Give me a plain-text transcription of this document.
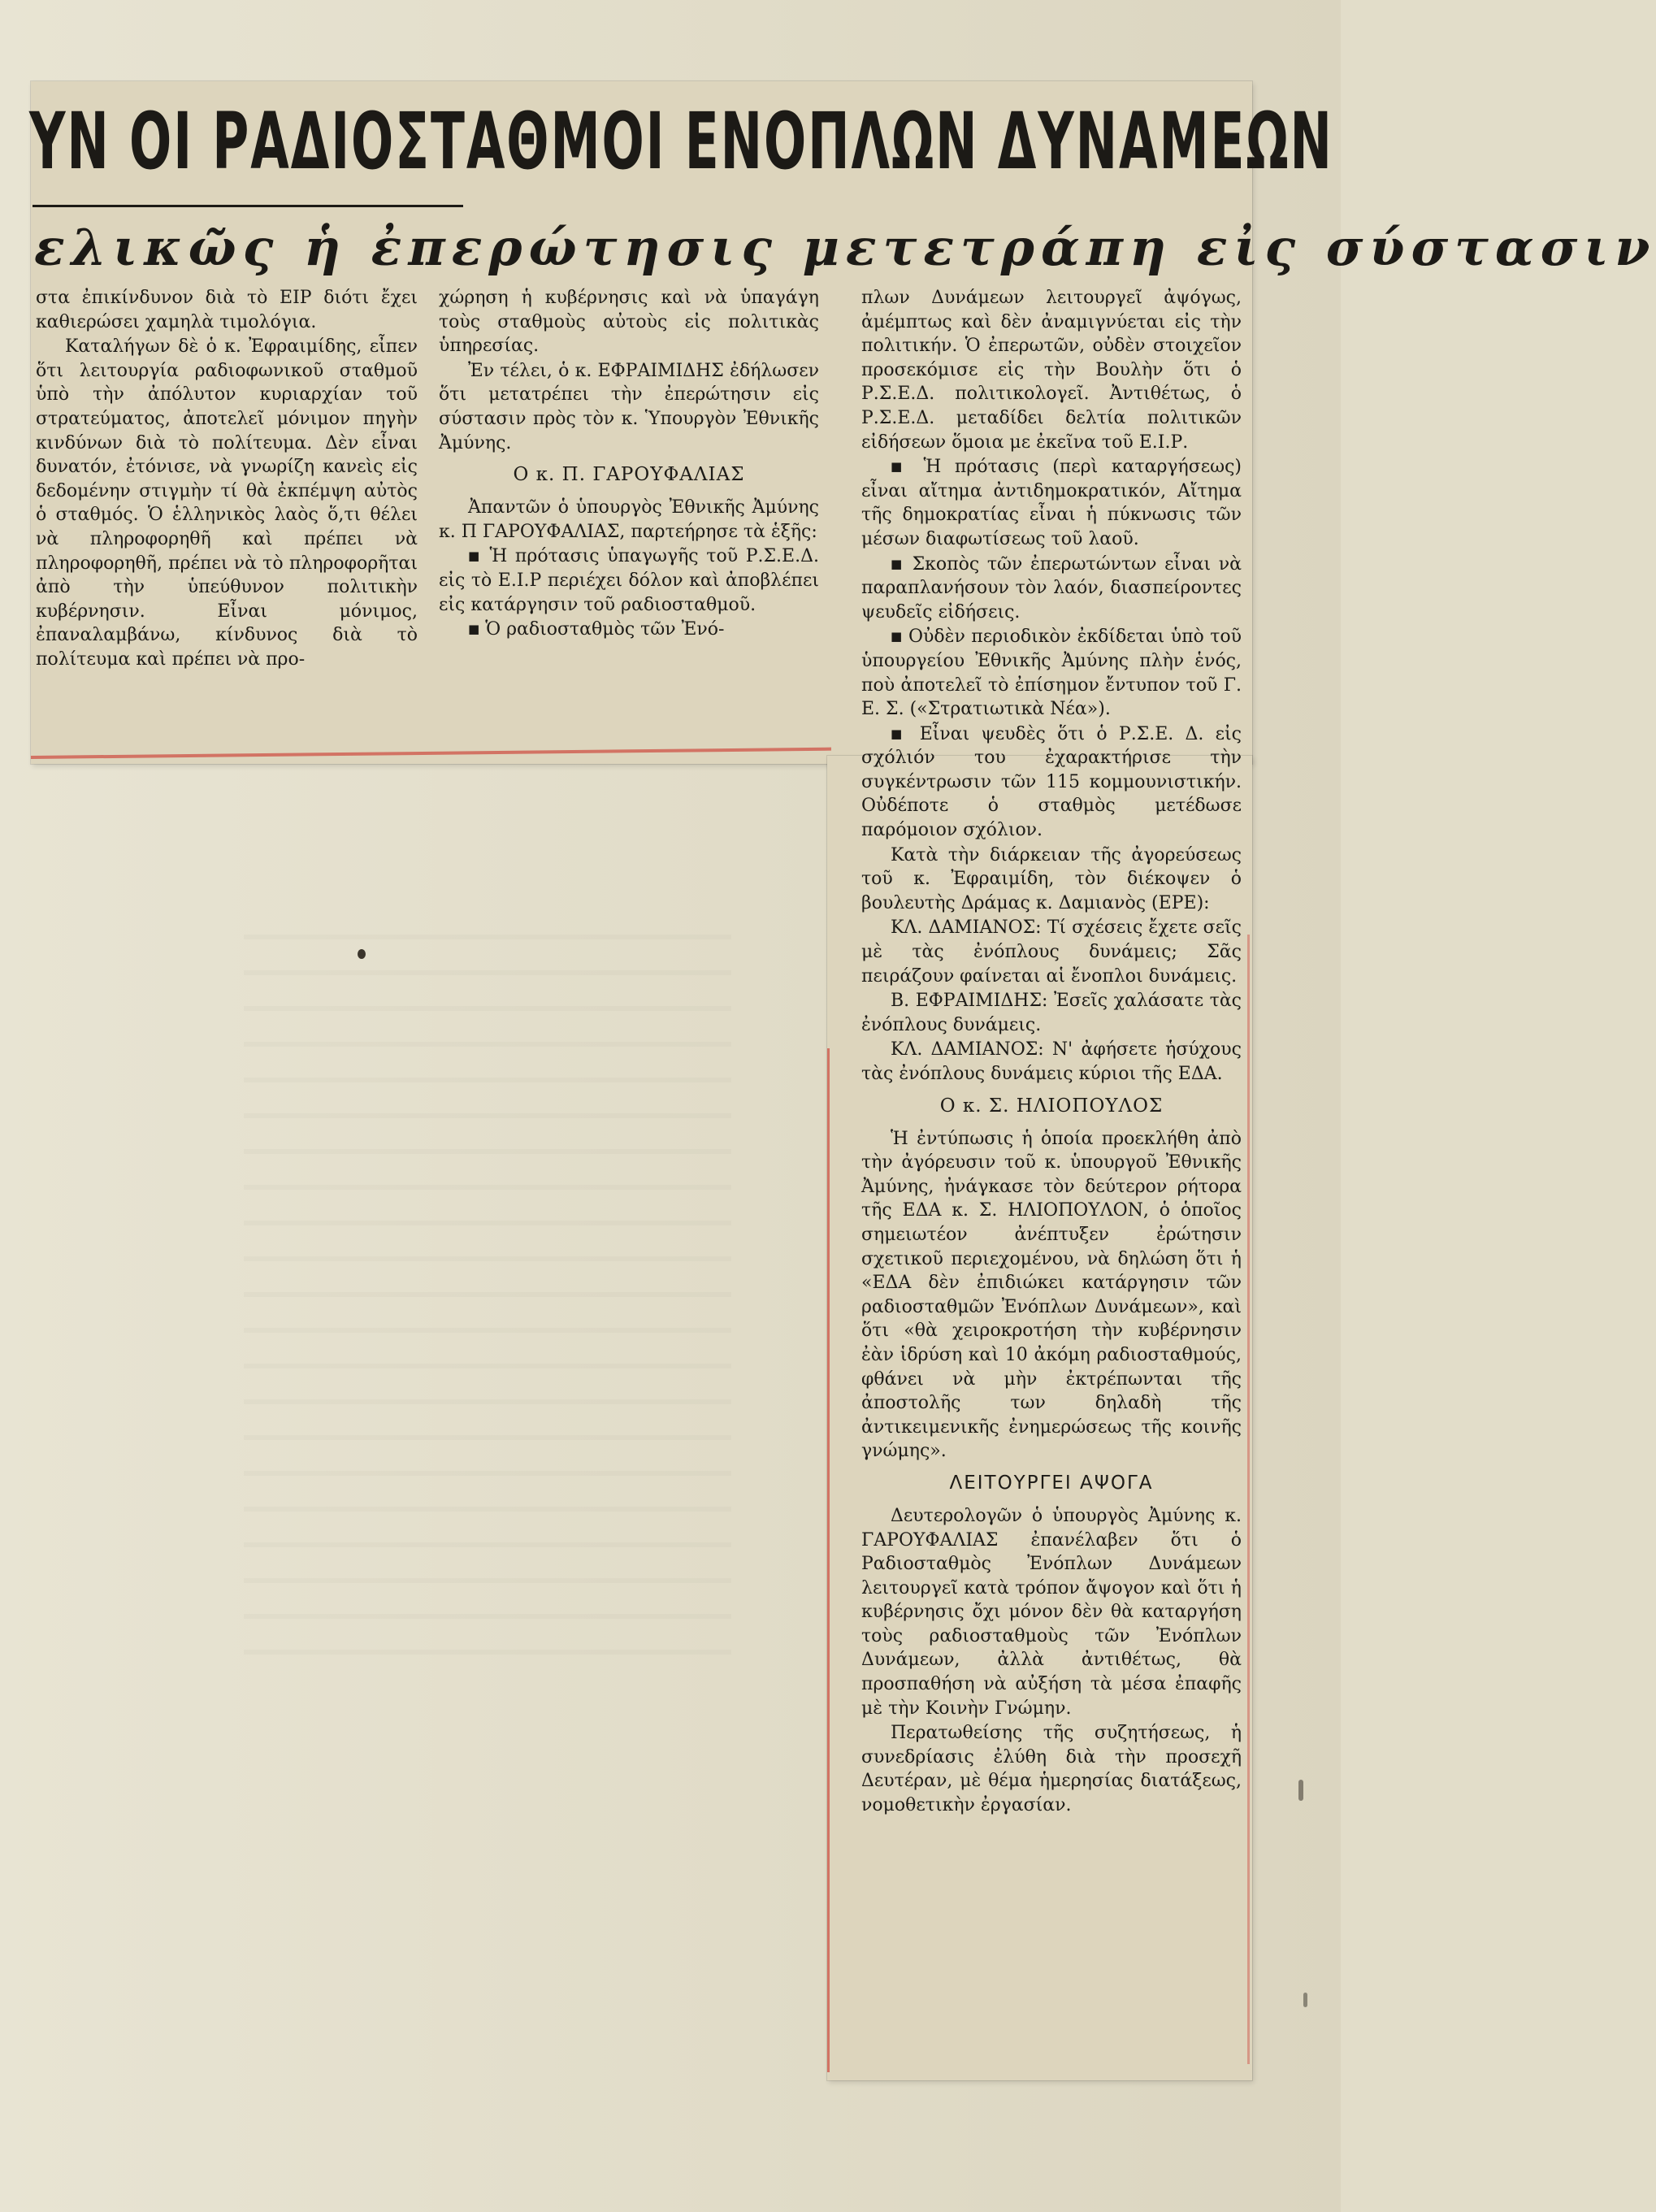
ΥΝ ΟΙ ΡΑΔΙΟΣΤΑΘΜΟΙ ΕΝΟΠΛΩΝ ΔΥΝΑΜΕΩΝ
ελικῶς ἡ ἐπερώτησις μετετράπη εἰς σύστασιν

στα ἐπικίνδυνον διὰ τὸ ΕΙΡ διότι ἔχει καθιερώσει χαμηλὰ τιμολόγια.

Καταλήγων δὲ ὁ κ. Ἐφραιμίδης, εἶπεν ὅτι λειτουργία ραδιοφωνικοῦ σταθμοῦ ὑπὸ τὴν ἀπόλυτον κυριαρχίαν τοῦ στρατεύματος, ἀποτελεῖ μόνιμον πηγὴν κινδύνων διὰ τὸ πολίτευμα. Δὲν εἶναι δυνατόν, ἐτόνισε, νὰ γνωρίζη κανεὶς εἰς δεδομένην στιγμὴν τί θὰ ἐκπέμψη αὐτὸς ὁ σταθμός. Ὁ ἑλληνικὸς λαὸς ὅ,τι θέλει νὰ πληροφορηθῆ καὶ πρέπει νὰ πληροφορηθῆ, πρέπει νὰ τὸ πληροφορῆται ἀπὸ τὴν ὑπεύθυνον πολιτικὴν κυβέρνησιν. Εἶναι μόνιμος, ἐπαναλαμβάνω, κίνδυνος διὰ τὸ πολίτευμα καὶ πρέπει νὰ προ-

χώρηση ἡ κυβέρνησις καὶ νὰ ὑπαγάγη τοὺς σταθμοὺς αὐτοὺς εἰς πολιτικὰς ὑπηρεσίας.

Ἐν τέλει, ὁ κ. ΕΦΡΑΙΜΙΔΗΣ ἐδήλωσεν ὅτι μετατρέπει τὴν ἐπερώτησιν εἰς σύστασιν πρὸς τὸν κ. Ὑπουργὸν Ἐθνικῆς Ἀμύνης.

Ο κ. Π. ΓΑΡΟΥΦΑΛΙΑΣ

Ἀπαντῶν ὁ ὑπουργὸς Ἐθνικῆς Ἀμύνης κ. Π ΓΑΡΟΥΦΑΛΙΑΣ, παρτεήρησε τὰ ἑξῆς:

■ Ἡ πρότασις ὑπαγωγῆς τοῦ Ρ.Σ.Ε.Δ. εἰς τὸ Ε.Ι.Ρ περιέχει δόλον καὶ ἀποβλέπει εἰς κατάργησιν τοῦ ραδιοσταθμοῦ.

■ Ὁ ραδιοσταθμὸς τῶν Ἐνό-

πλων Δυνάμεων λειτουργεῖ ἀψόγως, ἀμέμπτως καὶ δὲν ἀναμιγνύεται εἰς τὴν πολιτικήν. Ὁ ἐπερωτῶν, οὐδὲν στοιχεῖον προσεκόμισε εἰς τὴν Βουλὴν ὅτι ὁ Ρ.Σ.Ε.Δ. πολιτικολογεῖ. Ἀντιθέτως, ὁ Ρ.Σ.Ε.Δ. μεταδίδει δελτία πολιτικῶν εἰδήσεων ὅμοια με ἐκεῖνα τοῦ Ε.Ι.Ρ.

■ Ἡ πρότασις (περὶ καταργήσεως) εἶναι αἴτημα ἀντιδημοκρατικόν, Αἴτημα τῆς δημοκρατίας εἶναι ἡ πύκνωσις τῶν μέσων διαφωτίσεως τοῦ λαοῦ.

■ Σκοπὸς τῶν ἐπερωτώντων εἶναι νὰ παραπλανήσουν τὸν λαόν, διασπείροντες ψευδεῖς εἰδήσεις.

■ Οὐδὲν περιοδικὸν ἐκδίδεται ὑπὸ τοῦ ὑπουργείου Ἐθνικῆς Ἀμύνης πλὴν ἑνός, ποὺ ἀποτελεῖ τὸ ἐπίσημον ἔντυπον τοῦ Γ. Ε. Σ. («Στρατιωτικὰ Νέα»).

■ Εἶναι ψευδὲς ὅτι ὁ Ρ.Σ.Ε. Δ. εἰς σχόλιόν του ἐχαρακτήρισε τὴν συγκέντρωσιν τῶν 115 κομμουνιστικήν. Οὐδέποτε ὁ σταθμὸς μετέδωσε παρόμοιον σχόλιον.

Κατὰ τὴν διάρκειαν τῆς ἀγορεύσεως τοῦ κ. Ἐφραιμίδη, τὸν διέκοψεν ὁ βουλευτὴς Δράμας κ. Δαμιανὸς (ΕΡΕ):

ΚΛ. ΔΑΜΙΑΝΟΣ: Τί σχέσεις ἔχετε σεῖς μὲ τὰς ἐνόπλους δυνάμεις; Σᾶς πειράζουν φαίνεται αἱ ἔνοπλοι δυνάμεις.

Β. ΕΦΡΑΙΜΙΔΗΣ: Ἐσεῖς χαλάσατε τὰς ἐνόπλους δυνάμεις.

ΚΛ. ΔΑΜΙΑΝΟΣ: Ν' ἀφήσετε ἡσύχους τὰς ἐνόπλους δυνάμεις κύριοι τῆς ΕΔΑ.

Ο κ. Σ. ΗΛΙΟΠΟΥΛΟΣ

Ἡ ἐντύπωσις ἡ ὁποία προεκλήθη ἀπὸ τὴν ἀγόρευσιν τοῦ κ. ὑπουργοῦ Ἐθνικῆς Ἀμύνης, ἠνάγκασε τὸν δεύτερον ρήτορα τῆς ΕΔΑ κ. Σ. ΗΛΙΟΠΟΥΛΟΝ, ὁ ὁποῖος σημειωτέον ἀνέπτυξεν ἐρώτησιν σχετικοῦ περιεχομένου, νὰ δηλώση ὅτι ἡ «ΕΔΑ δὲν ἐπιδιώκει κατάργησιν τῶν ραδιοσταθμῶν Ἐνόπλων Δυνάμεων», καὶ ὅτι «θὰ χειροκροτήση τὴν κυβέρνησιν ἐὰν ἱδρύση καὶ 10 ἀκόμη ραδιοσταθμούς, φθάνει νὰ μὴν ἐκτρέπωνται τῆς ἀποστολῆς των δηλαδὴ τῆς ἀντικειμενικῆς ἐνημερώσεως τῆς κοινῆς γνώμης».

ΛΕΙΤΟΥΡΓΕΙ ΑΨΟΓΑ

Δευτερολογῶν ὁ ὑπουργὸς Ἀμύνης κ. ΓΑΡΟΥΦΑΛΙΑΣ ἐπανέλαβεν ὅτι ὁ Ραδιοσταθμὸς Ἐνόπλων Δυνάμεων λειτουργεῖ κατὰ τρόπον ἄψογον καὶ ὅτι ἡ κυβέρνησις ὄχι μόνον δὲν θὰ καταργήση τοὺς ραδιοσταθμοὺς τῶν Ἐνόπλων Δυνάμεων, ἀλλὰ ἀντιθέτως, θὰ προσπαθήση νὰ αὐξήση τὰ μέσα ἐπαφῆς μὲ τὴν Κοινὴν Γνώμην.

Περατωθείσης τῆς συζητήσεως, ἡ συνεδρίασις ἐλύθη διὰ τὴν προσεχῆ Δευτέραν, μὲ θέμα ἡμερησίας διατάξεως, νομοθετικὴν ἐργασίαν.
